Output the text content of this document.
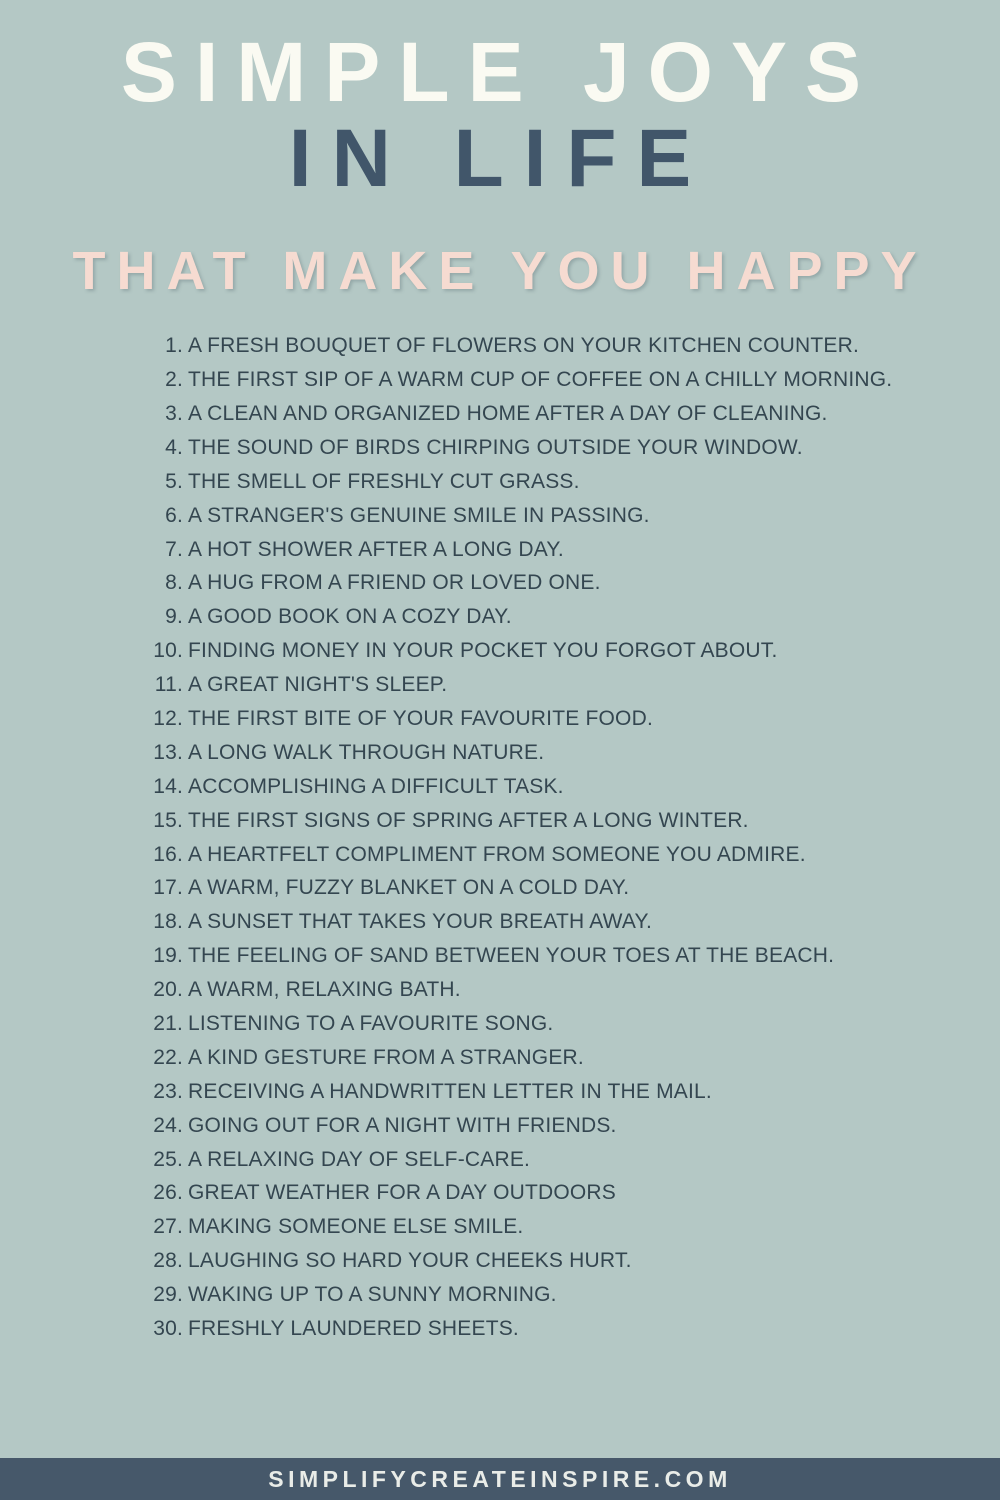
SIMPLE JOYS
IN LIFE
THAT MAKE YOU HAPPY
1. A FRESH BOUQUET OF FLOWERS ON YOUR KITCHEN COUNTER.
2. THE FIRST SIP OF A WARM CUP OF COFFEE ON A CHILLY MORNING.
3. A CLEAN AND ORGANIZED HOME AFTER A DAY OF CLEANING.
4. THE SOUND OF BIRDS CHIRPING OUTSIDE YOUR WINDOW.
5. THE SMELL OF FRESHLY CUT GRASS.
6. A STRANGER'S GENUINE SMILE IN PASSING.
7. A HOT SHOWER AFTER A LONG DAY.
8. A HUG FROM A FRIEND OR LOVED ONE.
9. A GOOD BOOK ON A COZY DAY.
10. FINDING MONEY IN YOUR POCKET YOU FORGOT ABOUT.
11. A GREAT NIGHT'S SLEEP.
12. THE FIRST BITE OF YOUR FAVOURITE FOOD.
13. A LONG WALK THROUGH NATURE.
14. ACCOMPLISHING A DIFFICULT TASK.
15. THE FIRST SIGNS OF SPRING AFTER A LONG WINTER.
16. A HEARTFELT COMPLIMENT FROM SOMEONE YOU ADMIRE.
17. A WARM, FUZZY BLANKET ON A COLD DAY.
18. A SUNSET THAT TAKES YOUR BREATH AWAY.
19. THE FEELING OF SAND BETWEEN YOUR TOES AT THE BEACH.
20. A WARM, RELAXING BATH.
21. LISTENING TO A FAVOURITE SONG.
22. A KIND GESTURE FROM A STRANGER.
23. RECEIVING A HANDWRITTEN LETTER IN THE MAIL.
24. GOING OUT FOR A NIGHT WITH FRIENDS.
25. A RELAXING DAY OF SELF-CARE.
26. GREAT WEATHER FOR A DAY OUTDOORS
27. MAKING SOMEONE ELSE SMILE.
28. LAUGHING SO HARD YOUR CHEEKS HURT.
29. WAKING UP TO A SUNNY MORNING.
30. FRESHLY LAUNDERED SHEETS.
SIMPLIFYCREATEINSPIRE.COM
